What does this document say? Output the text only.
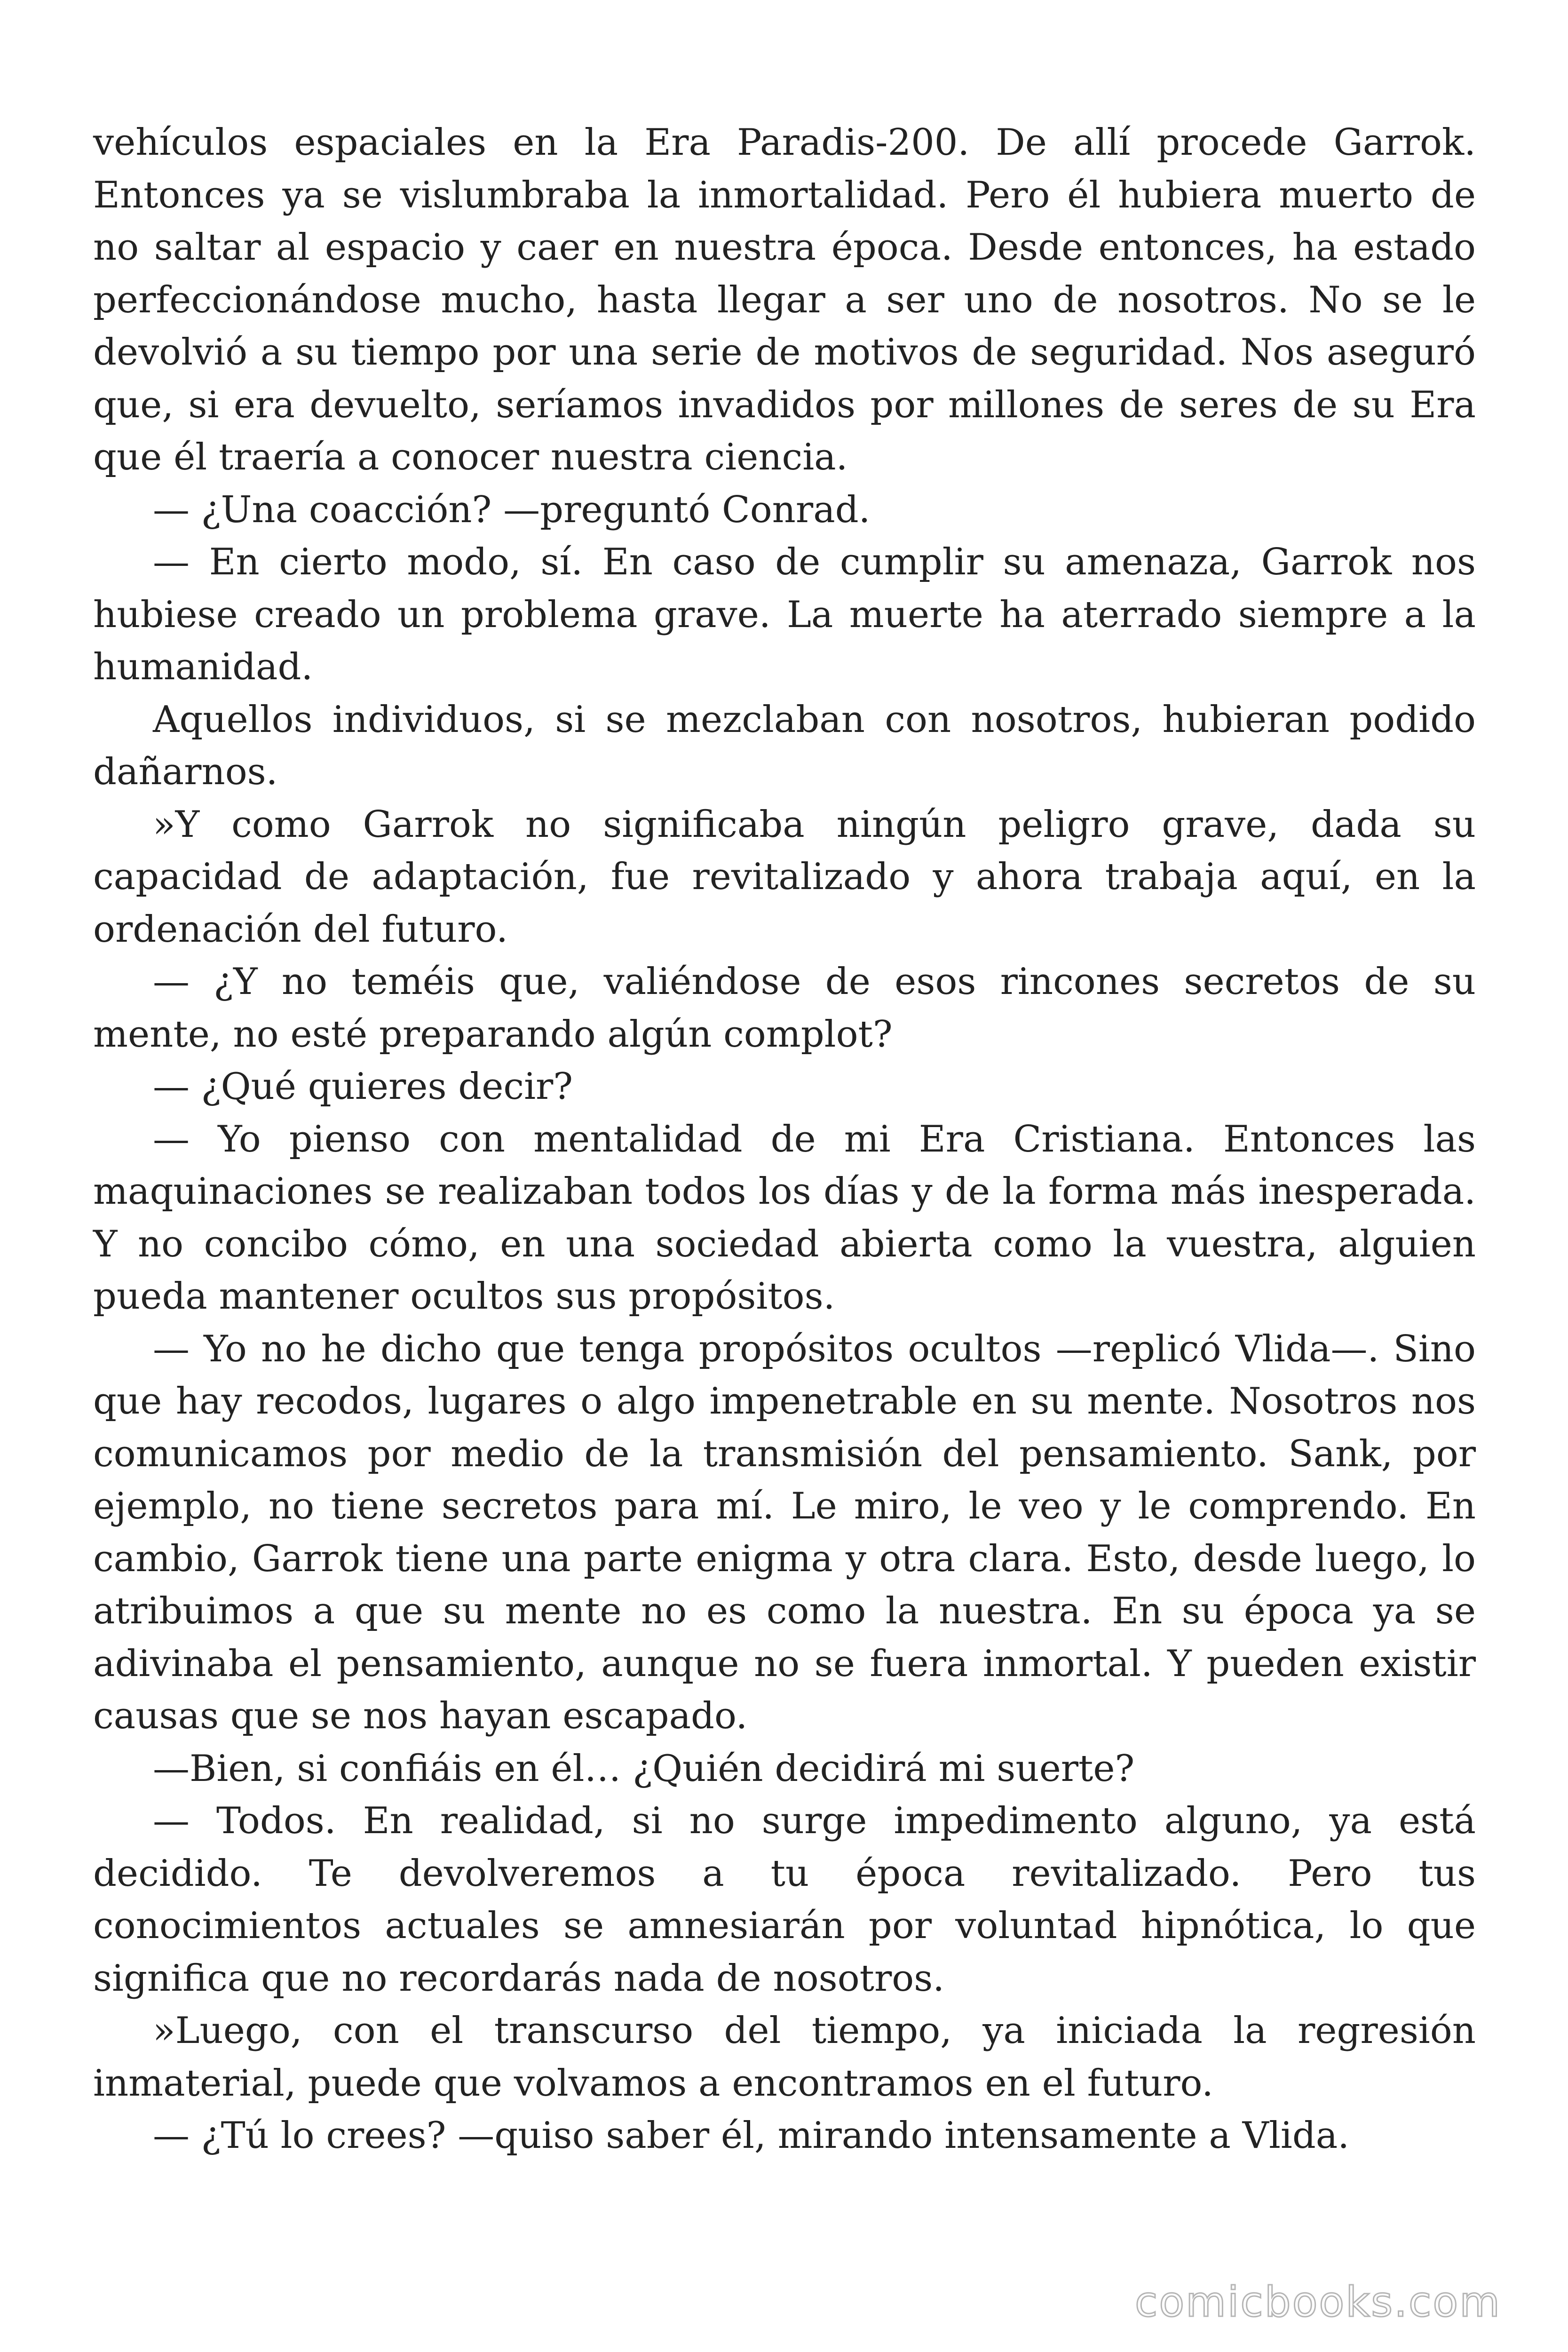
vehículos espaciales en la Era Paradis-200. De allí procede Garrok. Entonces ya se vislumbraba la inmortalidad. Pero él hubiera muerto de no saltar al espacio y caer en nuestra época. Desde entonces, ha estado perfeccionándose mucho, hasta llegar a ser uno de nosotros. No se le devolvió a su tiempo por una serie de motivos de seguridad. Nos aseguró que, si era devuelto, seríamos invadidos por millones de seres de su Era que él traería a conocer nuestra ciencia.

— ¿Una coacción? —preguntó Conrad.

— En cierto modo, sí. En caso de cumplir su amenaza, Garrok nos hubiese creado un problema grave. La muerte ha aterrado siempre a la humanidad.

Aquellos individuos, si se mezclaban con nosotros, hubieran podido dañarnos.

»Y como Garrok no significaba ningún peligro grave, dada su capacidad de adaptación, fue revitalizado y ahora trabaja aquí, en la ordenación del futuro.

— ¿Y no teméis que, valiéndose de esos rincones secretos de su mente, no esté preparando algún complot?

— ¿Qué quieres decir?

— Yo pienso con mentalidad de mi Era Cristiana. Entonces las maquinaciones se realizaban todos los días y de la forma más inesperada. Y no concibo cómo, en una sociedad abierta como la vuestra, alguien pueda mantener ocultos sus propósitos.

— Yo no he dicho que tenga propósitos ocultos —replicó Vlida—. Sino que hay recodos, lugares o algo impenetrable en su mente. Nosotros nos comunicamos por medio de la transmisión del pensamiento. Sank, por ejemplo, no tiene secretos para mí. Le miro, le veo y le comprendo. En cambio, Garrok tiene una parte enigma y otra clara. Esto, desde luego, lo atribuimos a que su mente no es como la nuestra. En su época ya se adivinaba el pensamiento, aunque no se fuera inmortal. Y pueden existir causas que se nos hayan escapado.

—Bien, si confiáis en él… ¿Quién decidirá mi suerte?

— Todos. En realidad, si no surge impedimento alguno, ya está decidido. Te devolveremos a tu época revitalizado. Pero tus conocimientos actuales se amnesiarán por voluntad hipnótica, lo que significa que no recordarás nada de nosotros.

»Luego, con el transcurso del tiempo, ya iniciada la regresión inmaterial, puede que volvamos a encontramos en el futuro.

— ¿Tú lo crees? —quiso saber él, mirando intensamente a Vlida.

comicbooks.com
